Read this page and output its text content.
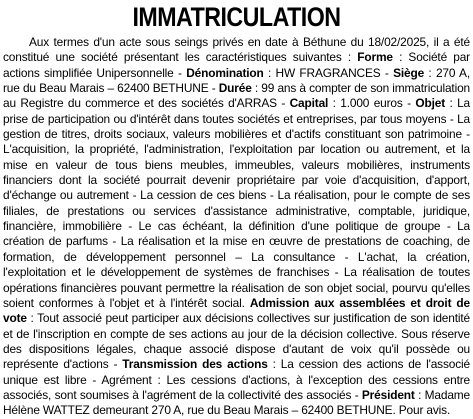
IMMATRICULATION
Aux termes d'un acte sous seings privés en date à Béthune du 18/02/2025, il a été constitué une société présentant les caractéristiques suivantes : Forme : Société par actions simplifiée Unipersonnelle - Dénomination : HW FRAGRANCES - Siège : 270 A, rue du Beau Marais – 62400 BETHUNE - Durée : 99 ans à compter de son immatriculation au Registre du commerce et des sociétés d'ARRAS - Capital : 1.000 euros - Objet : La prise de participation ou d'intérêt dans toutes sociétés et entreprises, par tous moyens - La gestion de titres, droits sociaux, valeurs mobilières et d'actifs constituant son patrimoine - L'acquisition, la propriété, l'administration, l'exploitation par location ou autrement, et la mise en valeur de tous biens meubles, immeubles, valeurs mobilières, instruments financiers dont la société pourrait devenir propriétaire par voie d'acquisition, d'apport, d'échange ou autrement - La cession de ces biens - La réalisation, pour le compte de ses filiales, de prestations ou services d'assistance administrative, comptable, juridique, financière, immobilière - Le cas échéant, la définition d'une politique de groupe - La création de parfums - La réalisation et la mise en œuvre de prestations de coaching, de formation, de développement personnel – La consultance - L'achat, la création, l'exploitation et le développement de systèmes de franchises - La réalisation de toutes opérations financières pouvant permettre la réalisation de son objet social, pourvu qu'elles soient conformes à l'objet et à l'intérêt social. Admission aux assemblées et droit de vote : Tout associé peut participer aux décisions collectives sur justification de son identité et de l'inscription en compte de ses actions au jour de la décision collective. Sous réserve des dispositions légales, chaque associé dispose d'autant de voix qu'il possède ou représente d'actions - Transmission des actions : La cession des actions de l'associé unique est libre - Agrément : Les cessions d'actions, à l'exception des cessions entre associés, sont soumises à l'agrément de la collectivité des associés - Président : Madame Hélène WATTEZ demeurant 270 A, rue du Beau Marais – 62400 BETHUNE. Pour avis.
